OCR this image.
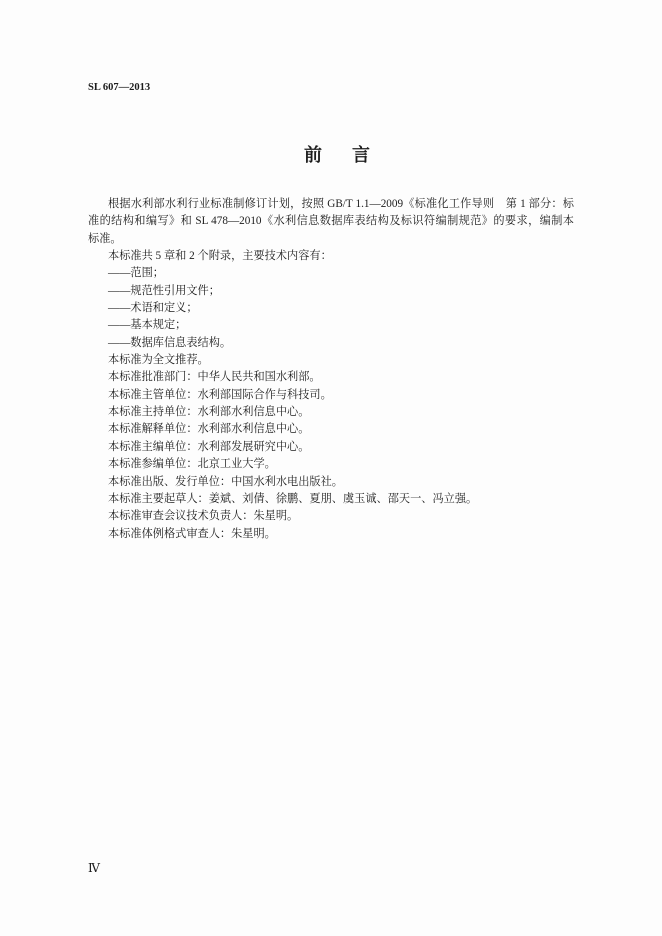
SL 607—2013
前言
根据水利部水利行业标准制修订计划，按照 GB/T 1.1—2009《标准化工作导则　第 1 部分：标
准的结构和编写》和 SL 478—2010《水利信息数据库表结构及标识符编制规范》的要求，编制本
标准。
本标准共 5 章和 2 个附录，主要技术内容有：
——范围；
——规范性引用文件；
——术语和定义；
——基本规定；
——数据库信息表结构。
本标准为全文推荐。
本标准批准部门：中华人民共和国水利部。
本标准主管单位：水利部国际合作与科技司。
本标准主持单位：水利部水利信息中心。
本标准解释单位：水利部水利信息中心。
本标准主编单位：水利部发展研究中心。
本标准参编单位：北京工业大学。
本标准出版、发行单位：中国水利水电出版社。
本标准主要起草人：姜斌、刘倩、徐鹏、夏朋、虞玉诚、邵天一、冯立强。
本标准审查会议技术负责人：朱星明。
本标准体例格式审查人：朱星明。
Ⅳ
